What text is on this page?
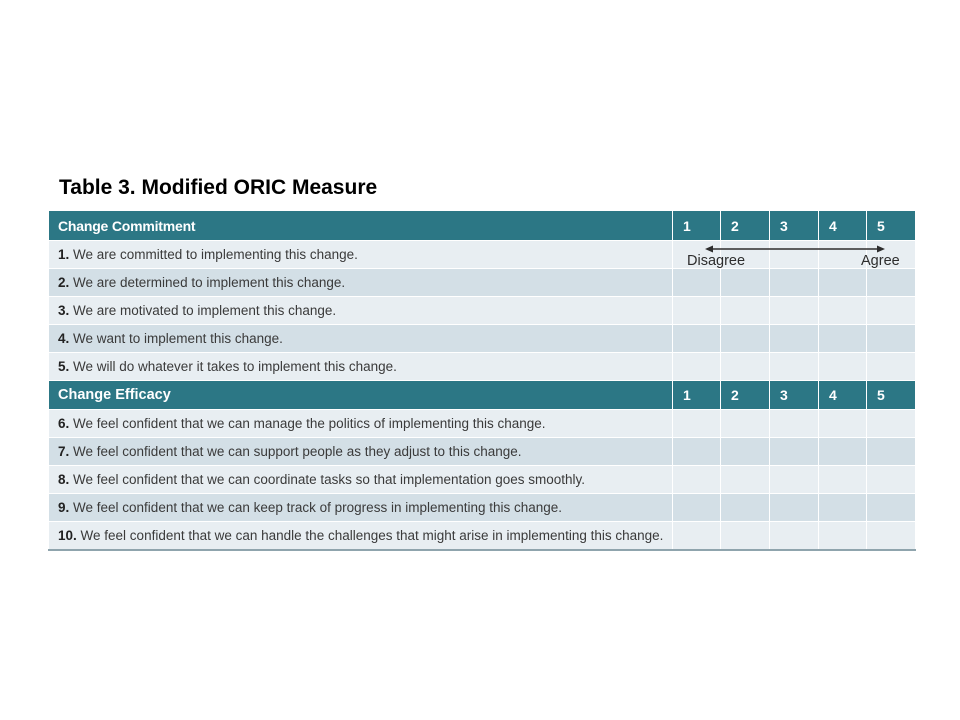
Table 3. Modified ORIC Measure
Change Commitment	1	2	3	4	5
1. We are committed to implementing this change.	Disagree Agree				

2. We are determined to implement this change.					
3. We are motivated to implement this change.					
4. We want to implement this change.					
5. We will do whatever it takes to implement this change.					
Change Efficacy	1	2	3	4	5
6. We feel confident that we can manage the politics of implementing this change.					
7. We feel confident that we can support people as they adjust to this change.					
8. We feel confident that we can coordinate tasks so that implementation goes smoothly.					
9. We feel confident that we can keep track of progress in implementing this change.					
10. We feel confident that we can handle the challenges that might arise in implementing this change.					
